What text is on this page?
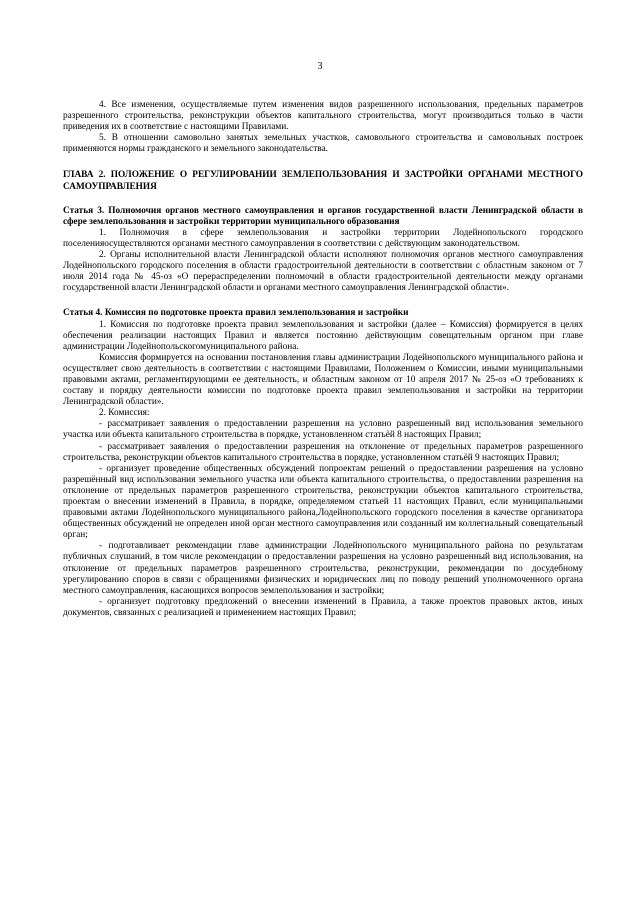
3

4. Все изменения, осуществляемые путем изменения видов разрешенного использования, предельных параметров разрешенного строительства, реконструкции объектов капитального строительства, могут производиться только в части приведения их в соответствие с настоящими Правилами.

5. В отношении самовольно занятых земельных участков, самовольного строительства и самовольных построек применяются нормы гражданского и земельного законодательства.

ГЛАВА 2. ПОЛОЖЕНИЕ О РЕГУЛИРОВАНИИ ЗЕМЛЕПОЛЬЗОВАНИЯ И ЗАСТРОЙКИ ОРГАНАМИ МЕСТНОГО САМОУПРАВЛЕНИЯ

Статья 3. Полномочия органов местного самоуправления и органов государственной власти Ленинградской области в сфере землепользования и застройки территории муниципального образования

1. Полномочия в сфере землепользования и застройки территории Лодейнопольского городского поселенияосуществляются органами местного самоуправления в соответствии с действующим законодательством.

2. Органы исполнительной власти Ленинградской области исполняют полномочия органов местного самоуправления Лодейнопольского городского поселения в области градостроительной деятельности в соответствии с областным законом от 7 июля 2014 года № 45-оз «О перераспределении полномочий в области градостроительной деятельности между органами государственной власти Ленинградской области и органами местного самоуправления Ленинградской области».

Статья 4. Комиссия по подготовке проекта правил землепользования и застройки

1. Комиссия по подготовке проекта правил землепользования и застройки (далее – Комиссия) формируется в целях обеспечения реализации настоящих Правил и является постоянно действующим совещательным органом при главе администрации Лодейнопольскогомуниципального района.

Комиссия формируется на основании постановления главы администрации Лодейнопольского муниципального района и осуществляет свою деятельность в соответствии с настоящими Правилами, Положением о Комиссии, иными муниципальными правовыми актами, регламентирующими ее деятельность, и областным законом от 10 апреля 2017 № 25-оз «О требованиях к составу и порядку деятельности комиссии по подготовке проекта правил землепользования и застройки на территории Ленинградской области».

2. Комиссия:

- рассматривает заявления о предоставлении разрешения на условно разрешенный вид использования земельного участка или объекта капитального строительства в порядке, установленном статьёй 8 настоящих Правил;

- рассматривает заявления о предоставлении разрешения на отклонение от предельных параметров разрешенного строительства, реконструкции объектов капитального строительства в порядке, установленном статьёй 9 настоящих Правил;

- организует проведение общественных обсуждений попроектам решений о предоставлении разрешения на условно разрешённый вид использования земельного участка или объекта капитального строительства, о предоставлении разрешения на отклонение от предельных параметров разрешенного строительства, реконструкции объектов капитального строительства, проектам о внесении изменений в Правила, в порядке, определяемом статьей 11 настоящих Правил, если муниципальными правовыми актами Лодейнопольского муниципального района,Лодейнопольского городского поселения в качестве организатора общественных обсуждений не определен иной орган местного самоуправления или созданный им коллегиальный совещательный орган;

- подготавливает рекомендации главе администрации Лодейнопольского муниципального района по результатам публичных слушаний, в том числе рекомендации о предоставлении разрешения на условно разрешенный вид использования, на отклонение от предельных параметров разрешенного строительства, реконструкции, рекомендации по досудебному урегулированию споров в связи с обращениями физических и юридических лиц по поводу решений уполномоченного органа местного самоуправления, касающихся вопросов землепользования и застройки;

- организует подготовку предложений о внесении изменений в Правила, а также проектов правовых актов, иных документов, связанных с реализацией и применением настоящих Правил;
